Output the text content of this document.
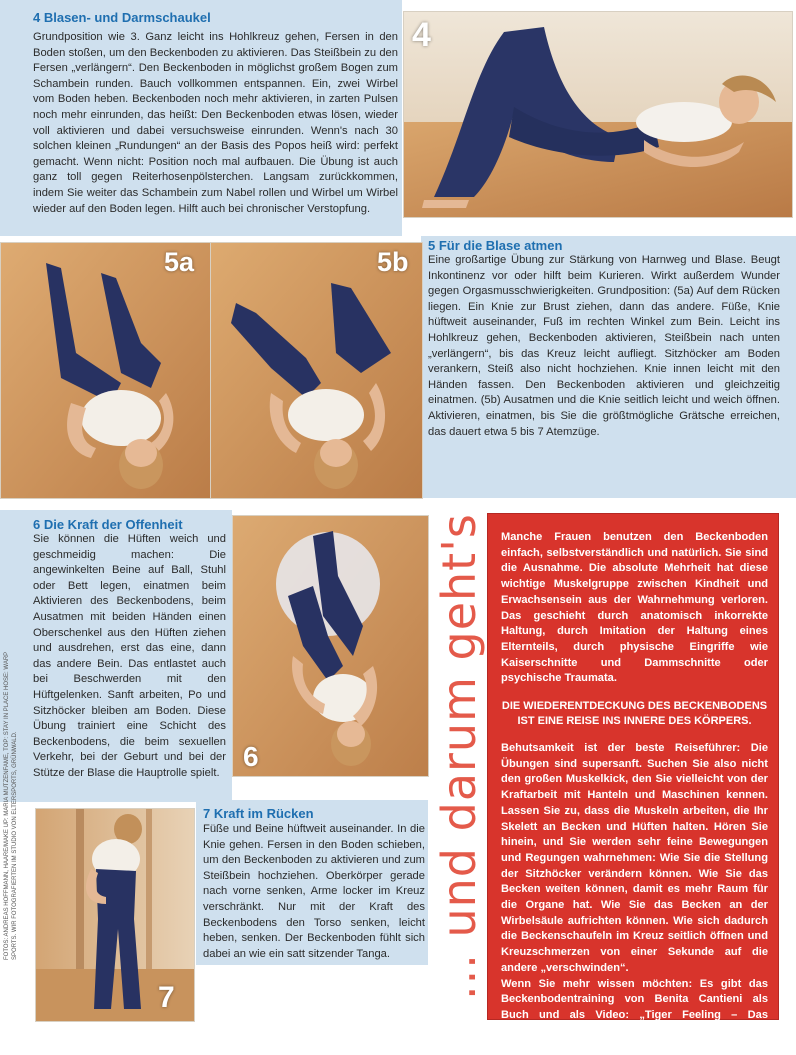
4 Blasen- und Darmschaukel

Grundposition wie 3. Ganz leicht ins Hohlkreuz gehen, Fersen in den Boden stoßen, um den Beckenboden zu aktivieren. Das Steißbein zu den Fersen „verlängern“. Den Beckenboden in möglichst großem Bogen zum Schambein runden. Bauch vollkommen entspannen. Ein, zwei Wirbel vom Boden heben. Beckenboden noch mehr aktivieren, in zarten Pulsen noch mehr einrunden, das heißt: Den Beckenboden etwas lösen, wieder voll aktivieren und dabei versuchsweise einrunden. Wenn's nach 30 solchen kleinen „Rundungen“ an der Basis des Popos heiß wird: perfekt gemacht. Wenn nicht: Position noch mal aufbauen. Die Übung ist auch ganz toll gegen Reiterhosenpölsterchen. Langsam zurückkommen, indem Sie weiter das Schambein zum Nabel rollen und Wirbel um Wirbel wieder auf den Boden legen. Hilft auch bei chronischer Verstopfung.

4
5a	5b
5 Für die Blase atmen

Eine großartige Übung zur Stärkung von Harnweg und Blase. Beugt Inkontinenz vor oder hilft beim Kurieren. Wirkt außerdem Wunder gegen Orgasmusschwierigkeiten. Grundposition: (5a) Auf dem Rücken liegen. Ein Knie zur Brust ziehen, dann das andere. Füße, Knie hüftweit auseinander, Fuß im rechten Winkel zum Bein. Leicht ins Hohlkreuz gehen, Beckenboden aktivieren, Steißbein nach unten „verlängern“, bis das Kreuz leicht aufliegt. Sitzhöcker am Boden verankern, Steiß also nicht hochziehen. Knie innen leicht mit den Händen fassen. Den Beckenboden aktivieren und gleichzeitig einatmen. (5b) Ausatmen und die Knie seitlich leicht und weich öffnen. Aktivieren, einatmen, bis Sie die größtmögliche Grätsche erreichen, das dauert etwa 5 bis 7 Atemzüge.

6 Die Kraft der Offenheit

Sie können die Hüften weich und geschmeidig machen: Die angewinkelten Beine auf Ball, Stuhl oder Bett legen, einatmen beim Aktivieren des Beckenbodens, beim Ausatmen mit beiden Händen einen Oberschenkel aus den Hüften ziehen und ausdrehen, erst das eine, dann das andere Bein. Das entlastet auch bei Beschwerden mit den Hüftgelenken. Sanft arbeiten, Po und Sitzhöcker bleiben am Boden. Diese Übung trainiert eine Schicht des Beckenbodens, die beim sexuellen Verkehr, bei der Geburt und bei der Stütze der Blase die Hauptrolle spielt.

6
7
7 Kraft im Rücken

Füße und Beine hüftweit auseinander. In die Knie gehen. Fersen in den Boden schieben, um den Beckenboden zu aktivieren und zum Steißbein hochziehen. Oberkörper gerade nach vorne senken, Arme locker im Kreuz verschränkt. Nur mit der Kraft des Beckenbodens den Torso senken, leicht heben, senken. Der Beckenboden fühlt sich dabei an wie ein satt sitzender Tanga.

FOTOS: ANDREAS HOFFMANN, HAARE/MAKE UP: MARIA MUTZENFAME, TOP: STAY IN PLACE HOSE: WARP SPORTS. WIR FOTOGRAFIERTEN IM STUDIO VON ELTERSPORTS, GRÜNWALD.	... und darum geht's Manche Frauen benutzen den Beckenboden einfach, selbstverständlich und natürlich. Sie sind die Ausnahme. Die absolute Mehrheit hat diese wichtige Muskelgruppe zwischen Kindheit und Erwachsensein aus der Wahrnehmung verloren. Das geschieht durch anatomisch inkorrekte Haltung, durch Imitation der Haltung eines Elternteils, durch physische Eingriffe wie Kaiserschnitte und Dammschnitte oder psychische Traumata.

DIE WIEDERENTDECKUNG DES BECKENBODENS IST EINE REISE INS INNERE DES KÖRPERS.

Behutsamkeit ist der beste Reiseführer: Die Übungen sind supersanft. Suchen Sie also nicht den großen Muskelkick, den Sie vielleicht von der Kraftarbeit mit Hanteln und Maschinen kennen. Lassen Sie zu, dass die Muskeln arbeiten, die Ihr Skelett an Becken und Hüften halten. Hören Sie hinein, und Sie werden sehr feine Bewegungen und Regungen wahrnehmen: Wie Sie die Stellung der Sitzhöcker verändern können. Wie Sie das Becken weiten können, damit es mehr Raum für die Organe hat. Wie Sie das Becken an der Wirbelsäule aufrichten können. Wie sich dadurch die Beckenschaufeln im Kreuz seitlich öffnen und Kreuzschmerzen von einer Sekunde auf die andere „verschwinden“.

Wenn Sie mehr wissen möchten: Es gibt das Beckenbodentraining von Benita Cantieni als Buch und als Video: „Tiger Feeling – Das sinnliche Beckenbodentraining“, Verlag Gesundheit.
